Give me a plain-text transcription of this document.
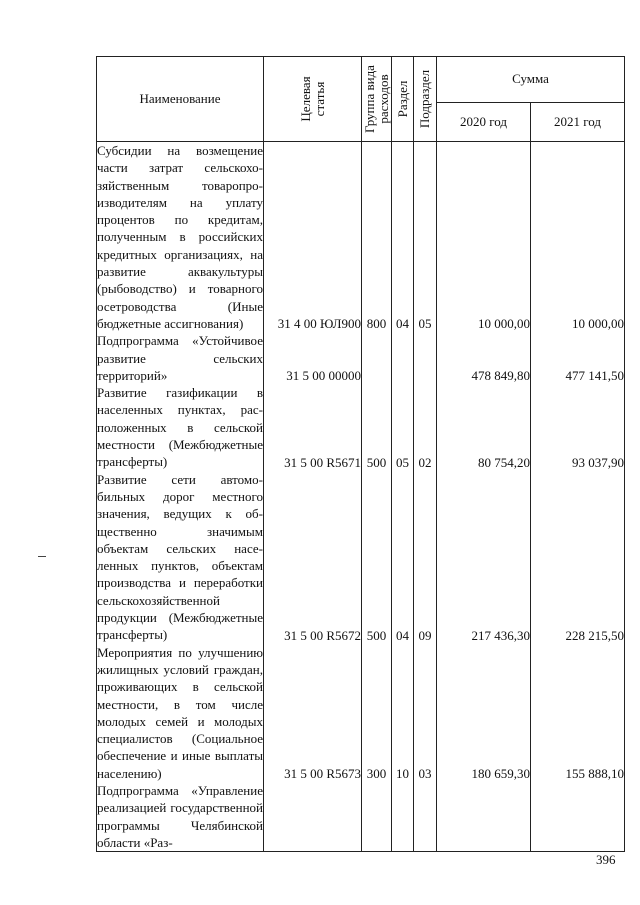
Наименование	Целевая статья	Группа вида расходов	Раздел	Подраздел	Сумма	
					2020 год	2021 год
Субсидии на возмещение части затрат сельскохозяйственным товаропроизводителям на уплату процентов по кредитам, полученным в российских кредитных организациях, на развитие аквакультуры (рыбоводство) и товарного осетроводства (Иные бюджетные ассигнования)	31 4 00 ЮЛ900	800	04	05	10 000,00	10 000,00
Подпрограмма «Устойчивое развитие сельских территорий»	31 5 00 00000				478 849,80	477 141,50
Развитие газификации в населенных пунктах, расположенных в сельской местности (Межбюджетные трансферты)	31 5 00 R5671	500	05	02	80 754,20	93 037,90
Развитие сети автомобильных дорог местного значения, ведущих к общественно значимым объектам сельских населенных пунктов, объектам производства и переработки сельскохозяйственной продукции (Межбюджетные трансферты)	31 5 00 R5672	500	04	09	217 436,30	228 215,50
Мероприятия по улучшению жилищных условий граждан, проживающих в сельской местности, в том числе молодых семей и молодых специалистов (Социальное обеспечение и иные выплаты населению)	31 5 00 R5673	300	10	03	180 659,30	155 888,10
Подпрограмма «Управление реализацией государственной программы Челябинской области «Раз-						
396
